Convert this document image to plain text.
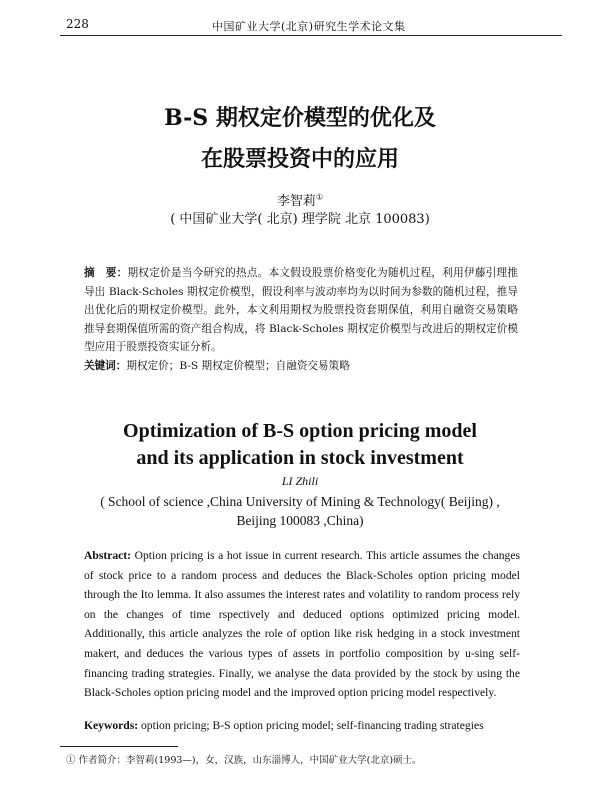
228	中国矿业大学(北京)研究生学术论文集
B-S 期权定价模型的优化及
在股票投资中的应用
李智莉①
( 中国矿业大学( 北京) 理学院 北京 100083)
摘　要：期权定价是当今研究的热点。本文假设股票价格变化为随机过程，利用伊藤引理推导出 Black-Scholes 期权定价模型，假设利率与波动率均为以时间为参数的随机过程，推导出优化后的期权定价模型。此外，本文利用期权为股票投资套期保值，利用自融资交易策略推导套期保值所需的资产组合构成，将 Black-Scholes 期权定价模型与改进后的期权定价模型应用于股票投资实证分析。
关键词：期权定价；B-S 期权定价模型；自融资交易策略
Optimization of B-S option pricing model
and its application in stock investment
LI Zhili
( School of science ,China University of Mining & Technology( Beijing) ,
Beijing 100083 ,China)
Abstract: Option pricing is a hot issue in current research. This article assumes the changes of stock price to a random process and deduces the Black-Scholes option pricing model through the Ito lemma. It also assumes the interest rates and volatility to random process rely on the changes of time rspectively and deduced options optimized pricing model. Additionally, this article analyzes the role of option like risk hedging in a stock investment makert, and deduces the various types of assets in portfolio composition by u-sing self-financing trading strategies. Finally, we analyse the data provided by the stock by using the Black-Scholes option pricing model and the improved option pricing model respectively.
Keywords: option pricing; B-S option pricing model; self-financing trading strategies
① 作者简介：李智莉(1993—)，女，汉族，山东淄博人，中国矿业大学(北京)硕士。
